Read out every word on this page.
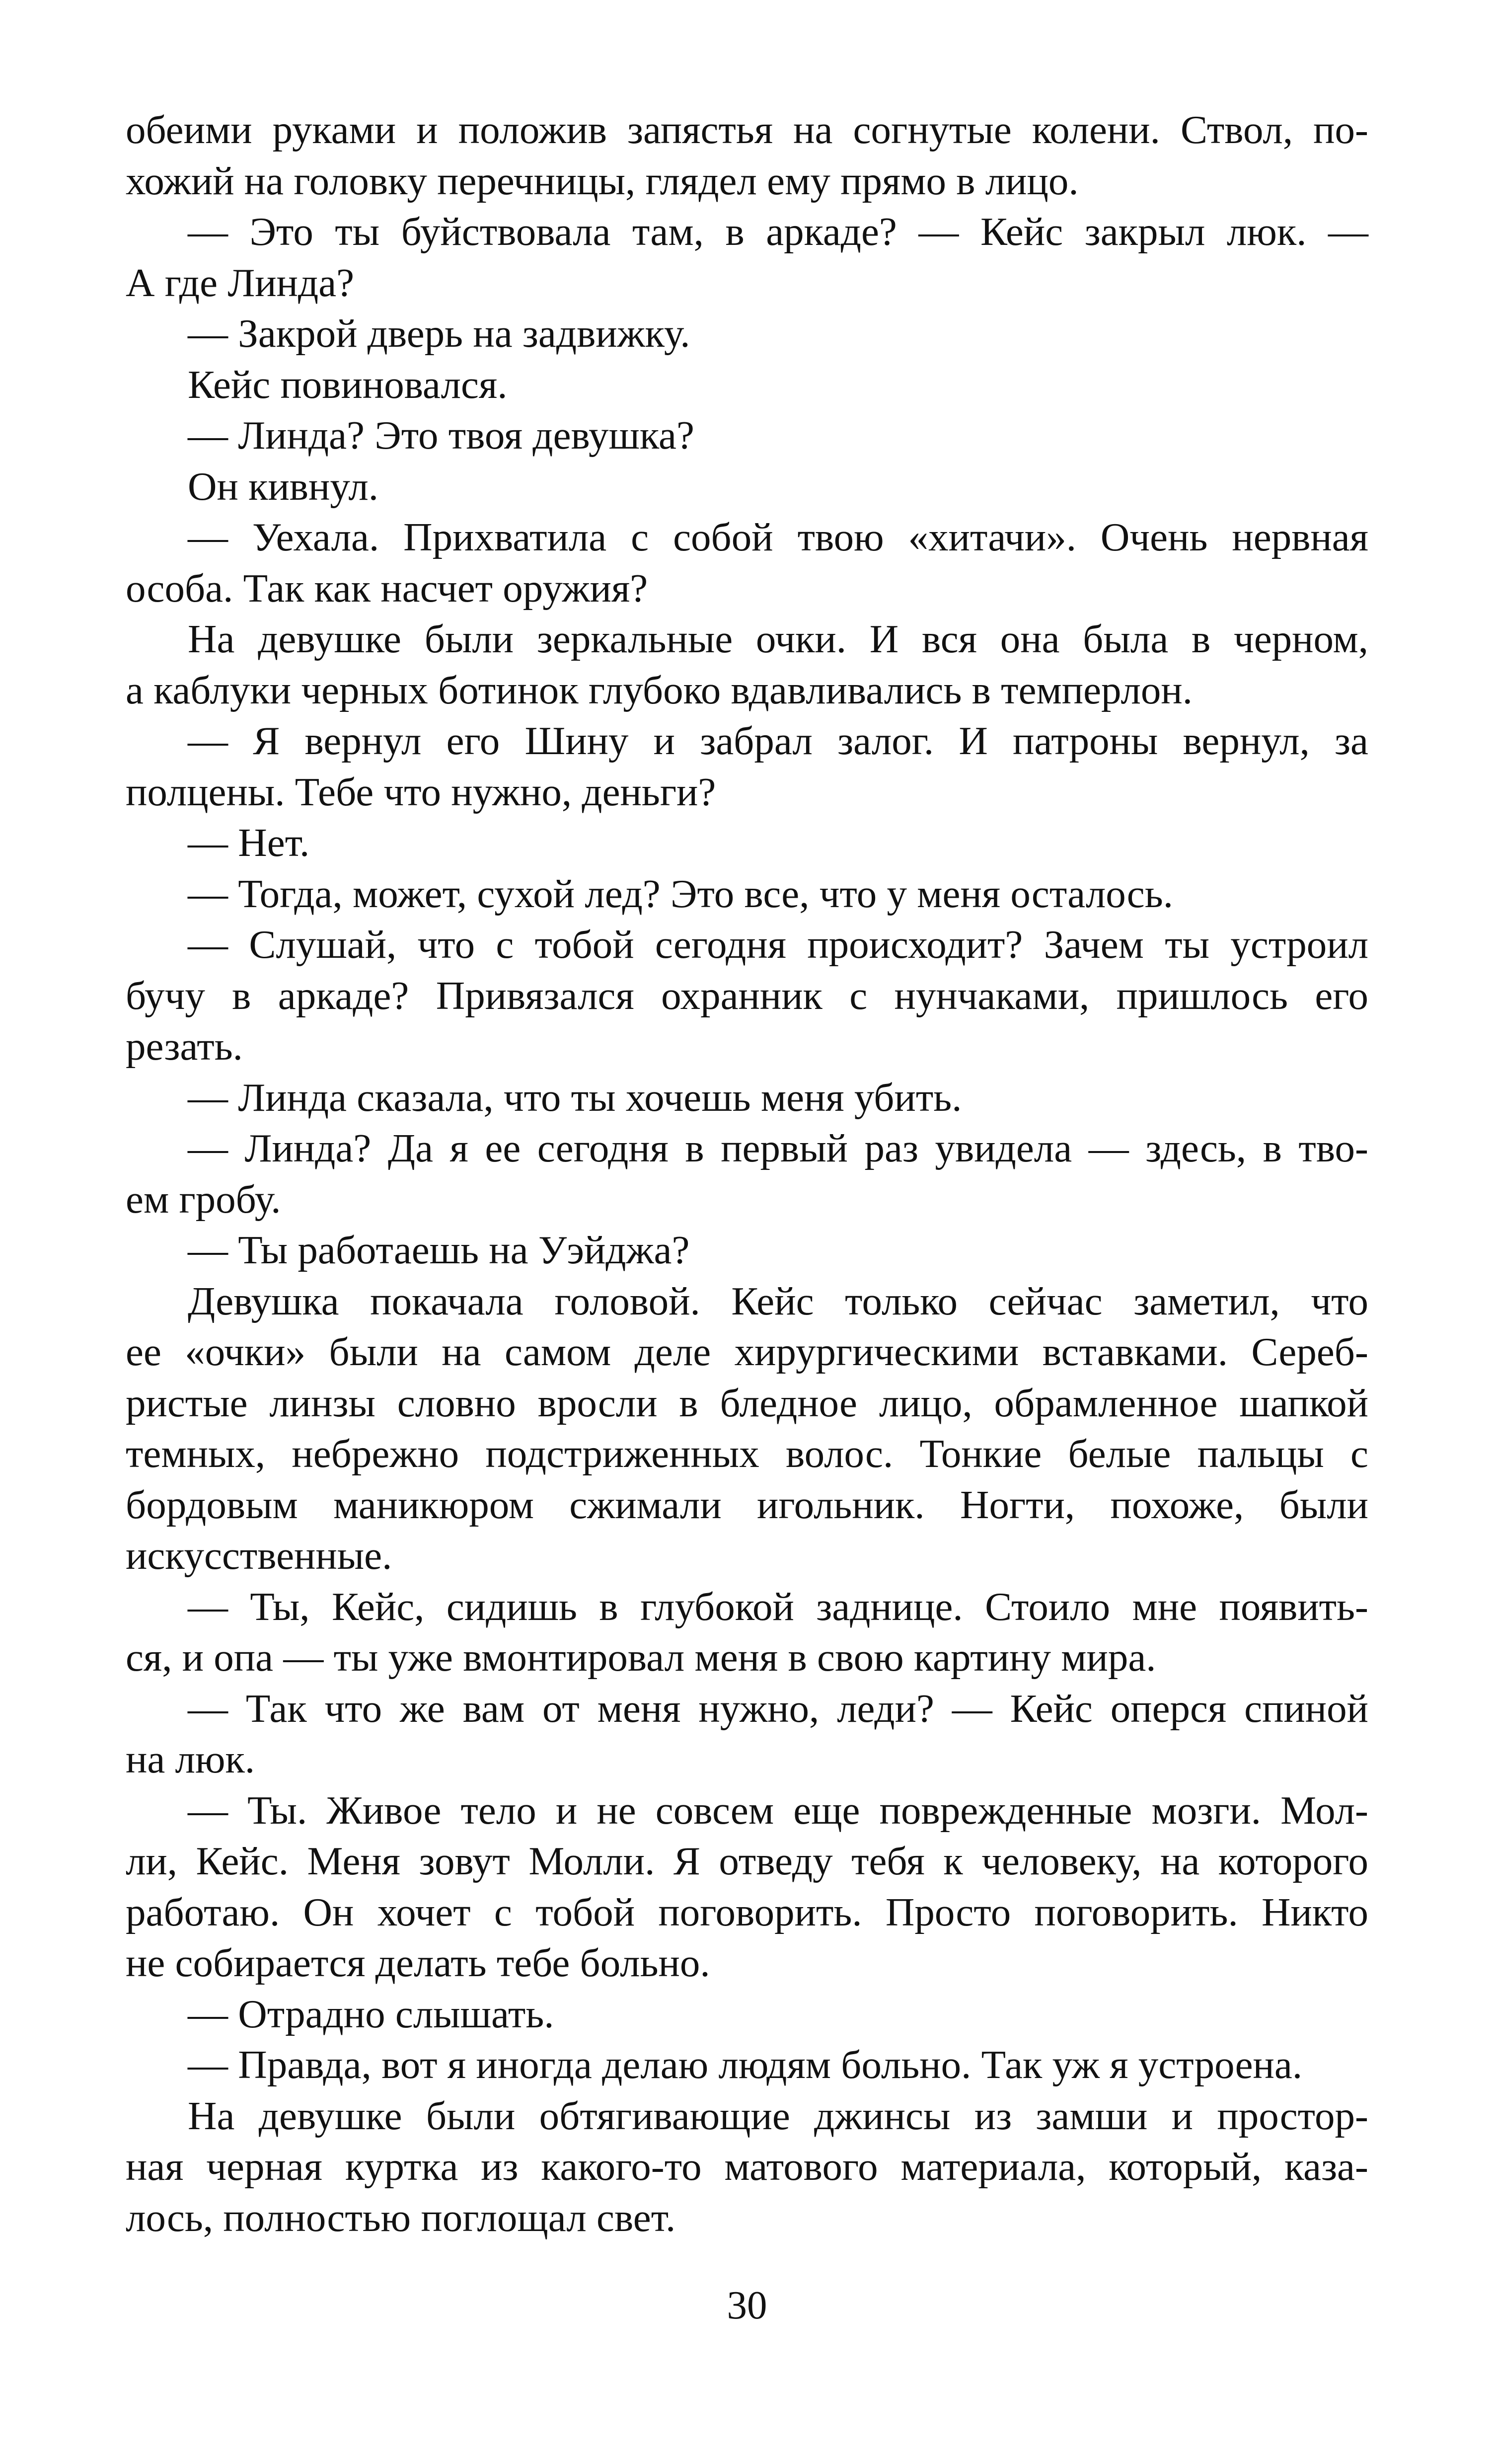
обеими руками и положив запястья на согнутые колени. Ствол, по-
хожий на головку перечницы, глядел ему прямо в лицо.

— Это ты буйствовала там, в аркаде? — Кейс закрыл люк. —
А где Линда?

— Закрой дверь на задвижку.

Кейс повиновался.

— Линда? Это твоя девушка?

Он кивнул.

— Уехала. Прихватила с собой твою «хитачи». Очень нервная
особа. Так как насчет оружия?

На девушке были зеркальные очки. И вся она была в черном,
а каблуки черных ботинок глубоко вдавливались в темперлон.

— Я вернул его Шину и забрал залог. И патроны вернул, за
полцены. Тебе что нужно, деньги?

— Нет.

— Тогда, может, сухой лед? Это все, что у меня осталось.

— Слушай, что с тобой сегодня происходит? Зачем ты устроил
бучу в аркаде? Привязался охранник с нунчаками, пришлось его
резать.

— Линда сказала, что ты хочешь меня убить.

— Линда? Да я ее сегодня в первый раз увидела — здесь, в тво-
ем гробу.

— Ты работаешь на Уэйджа?

Девушка покачала головой. Кейс только сейчас заметил, что
ее «очки» были на самом деле хирургическими вставками. Сереб-
ристые линзы словно вросли в бледное лицо, обрамленное шапкой
темных, небрежно подстриженных волос. Тонкие белые пальцы с
бордовым маникюром сжимали игольник. Ногти, похоже, были
искусственные.

— Ты, Кейс, сидишь в глубокой заднице. Стоило мне появить-
ся, и опа — ты уже вмонтировал меня в свою картину мира.

— Так что же вам от меня нужно, леди? — Кейс оперся спиной
на люк.

— Ты. Живое тело и не совсем еще поврежденные мозги. Мол-
ли, Кейс. Меня зовут Молли. Я отведу тебя к человеку, на которого
работаю. Он хочет с тобой поговорить. Просто поговорить. Никто
не собирается делать тебе больно.

— Отрадно слышать.

— Правда, вот я иногда делаю людям больно. Так уж я устроена.

На девушке были обтягивающие джинсы из замши и простор-
ная черная куртка из какого-то матового материала, который, каза-
лось, полностью поглощал свет.

30
